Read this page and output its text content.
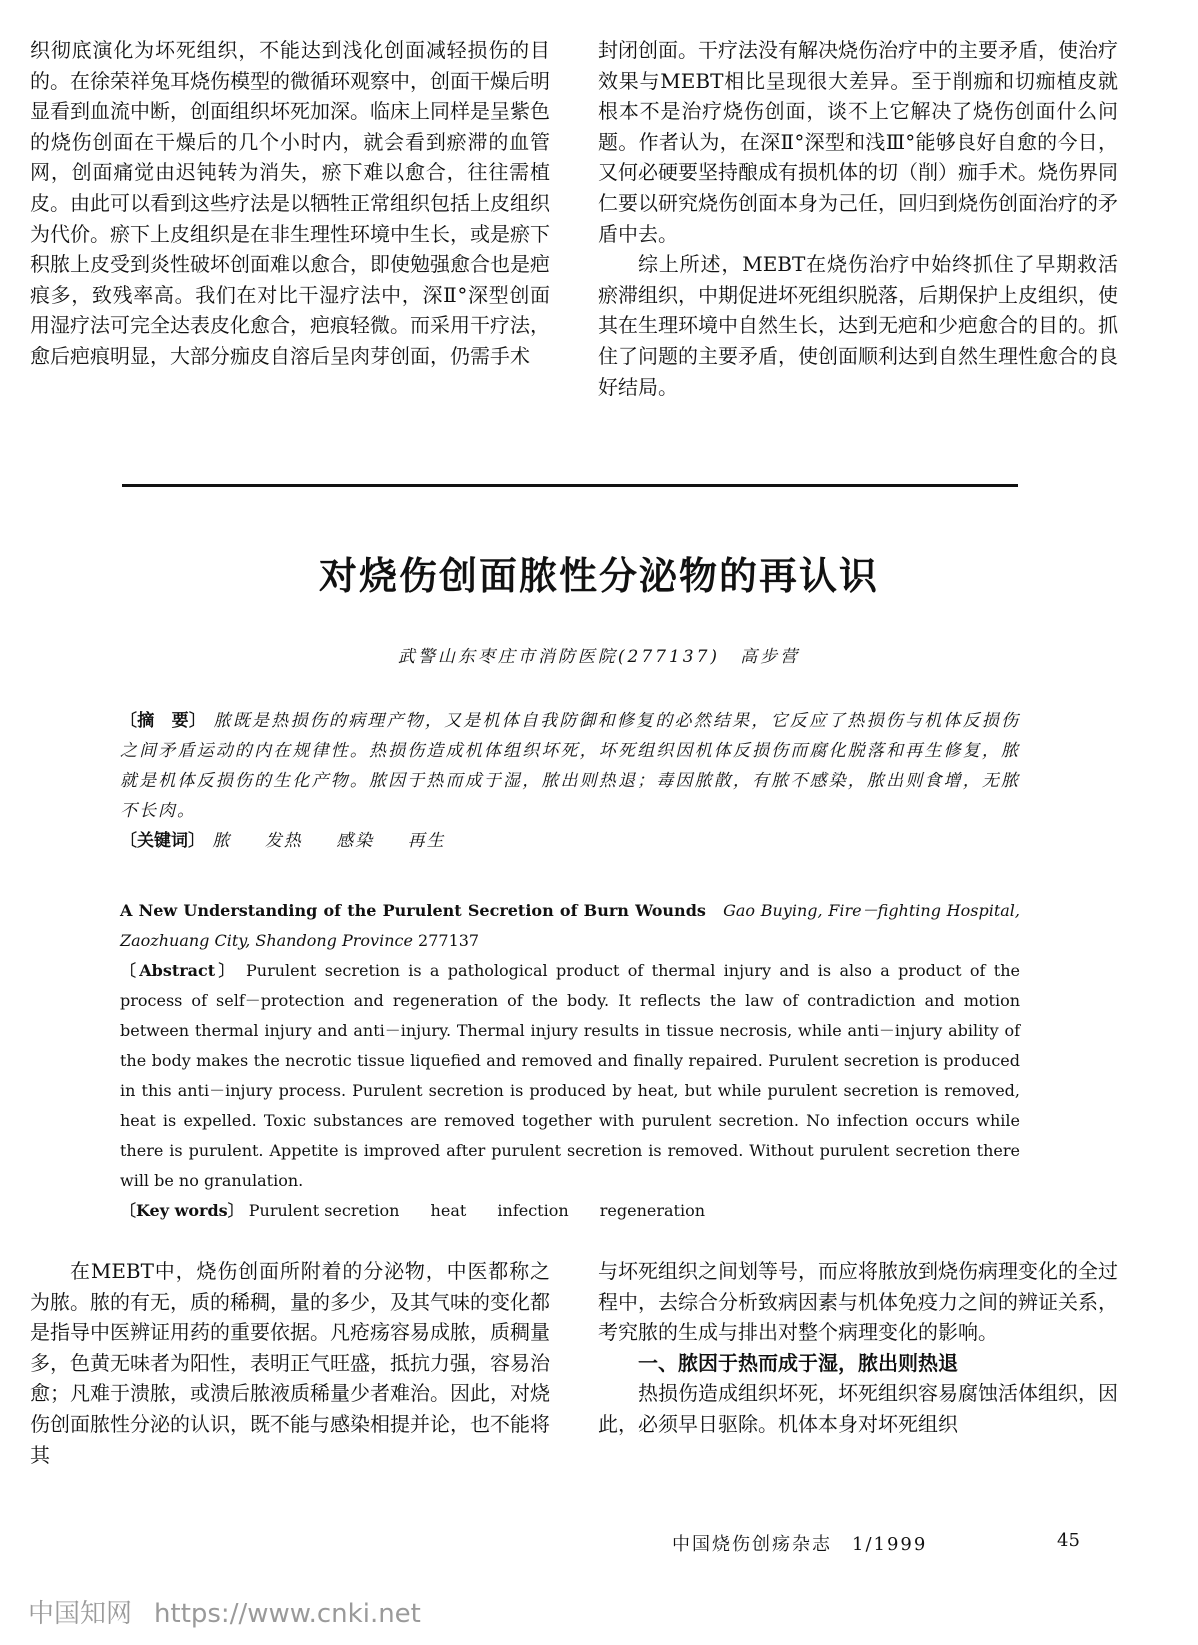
织彻底演化为坏死组织，不能达到浅化创面减轻损伤的目的。在徐荣祥兔耳烧伤模型的微循环观察中，创面干燥后明显看到血流中断，创面组织坏死加深。临床上同样是呈紫色的烧伤创面在干燥后的几个小时内，就会看到瘀滞的血管网，创面痛觉由迟钝转为消失，瘀下难以愈合，往往需植皮。由此可以看到这些疗法是以牺牲正常组织包括上皮组织为代价。瘀下上皮组织是在非生理性环境中生长，或是瘀下积脓上皮受到炎性破坏创面难以愈合，即使勉强愈合也是疤痕多，致残率高。我们在对比干湿疗法中，深Ⅱ°深型创面用湿疗法可完全达表皮化愈合，疤痕轻微。而采用干疗法，愈后疤痕明显，大部分痂皮自溶后呈肉芽创面，仍需手术

封闭创面。干疗法没有解决烧伤治疗中的主要矛盾，使治疗效果与MEBT相比呈现很大差异。至于削痂和切痂植皮就根本不是治疗烧伤创面，谈不上它解决了烧伤创面什么问题。作者认为，在深Ⅱ°深型和浅Ⅲ°能够良好自愈的今日，又何必硬要坚持酿成有损机体的切（削）痂手术。烧伤界同仁要以研究烧伤创面本身为己任，回归到烧伤创面治疗的矛盾中去。

综上所述，MEBT在烧伤治疗中始终抓住了早期救活瘀滞组织，中期促进坏死组织脱落，后期保护上皮组织，使其在生理环境中自然生长，达到无疤和少疤愈合的目的。抓住了问题的主要矛盾，使创面顺利达到自然生理性愈合的良好结局。

对烧伤创面脓性分泌物的再认识
武警山东枣庄市消防医院(277137)　高步营

〔摘　要〕 脓既是热损伤的病理产物，又是机体自我防御和修复的必然结果，它反应了热损伤与机体反损伤之间矛盾运动的内在规律性。热损伤造成机体组织坏死，坏死组织因机体反损伤而腐化脱落和再生修复，脓就是机体反损伤的生化产物。脓因于热而成于湿，脓出则热退；毒因脓散，有脓不感染，脓出则食增，无脓不长肉。

〔关键词〕 脓 发热 感染 再生

A New Understanding of the Purulent Secretion of Burn Wounds Gao Buying, Fire－fighting Hospital, Zaozhuang City, Shandong Province 277137

〔Abstract〕 Purulent secretion is a pathological product of thermal injury and is also a product of the process of self－protection and regeneration of the body. It reflects the law of contradiction and motion between thermal injury and anti－injury. Thermal injury results in tissue necrosis, while anti－injury ability of the body makes the necrotic tissue liquefied and removed and finally repaired. Purulent secretion is produced in this anti－injury process. Purulent secretion is produced by heat, but while purulent secretion is removed, heat is expelled. Toxic substances are removed together with purulent secretion. No infection occurs while there is purulent. Appetite is improved after purulent secretion is removed. Without purulent secretion there will be no granulation.

〔Key words〕 Purulent secretion heat infection regeneration

在MEBT中，烧伤创面所附着的分泌物，中医都称之为脓。脓的有无，质的稀稠，量的多少，及其气味的变化都是指导中医辨证用药的重要依据。凡疮疡容易成脓，质稠量多，色黄无味者为阳性，表明正气旺盛，抵抗力强，容易治愈；凡难于溃脓，或溃后脓液质稀量少者难治。因此，对烧伤创面脓性分泌的认识，既不能与感染相提并论，也不能将其

与坏死组织之间划等号，而应将脓放到烧伤病理变化的全过程中，去综合分析致病因素与机体免疫力之间的辨证关系，考究脓的生成与排出对整个病理变化的影响。

一、脓因于热而成于湿，脓出则热退

热损伤造成组织坏死，坏死组织容易腐蚀活体组织，因此，必须早日驱除。机体本身对坏死组织

中国烧伤创疡杂志　1/1999	45
中国知网 https://www.cnki.net
